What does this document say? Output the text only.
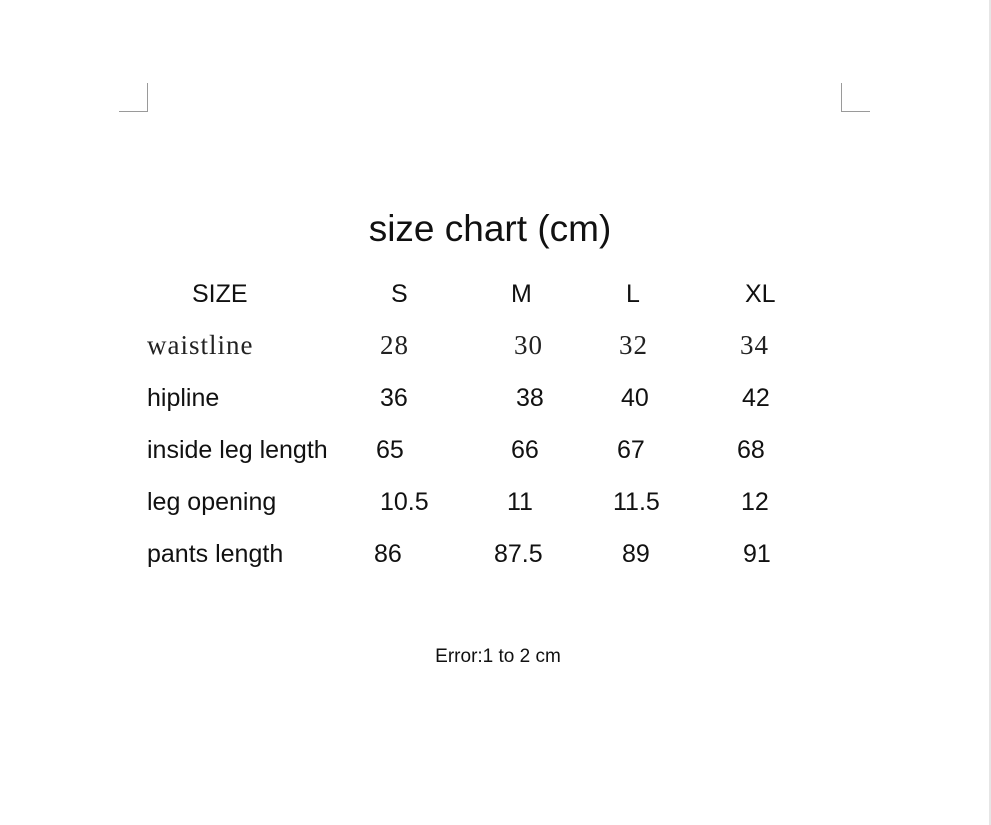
size chart (cm)
SIZE	S	M	L	XL
waistline	28	30	32	34
hipline	36	38	40	42
inside leg length 65	66	67	68
leg opening	10.5	11	11.5	12
pants length	86	87.5	89	91
Error:1 to 2 cm
